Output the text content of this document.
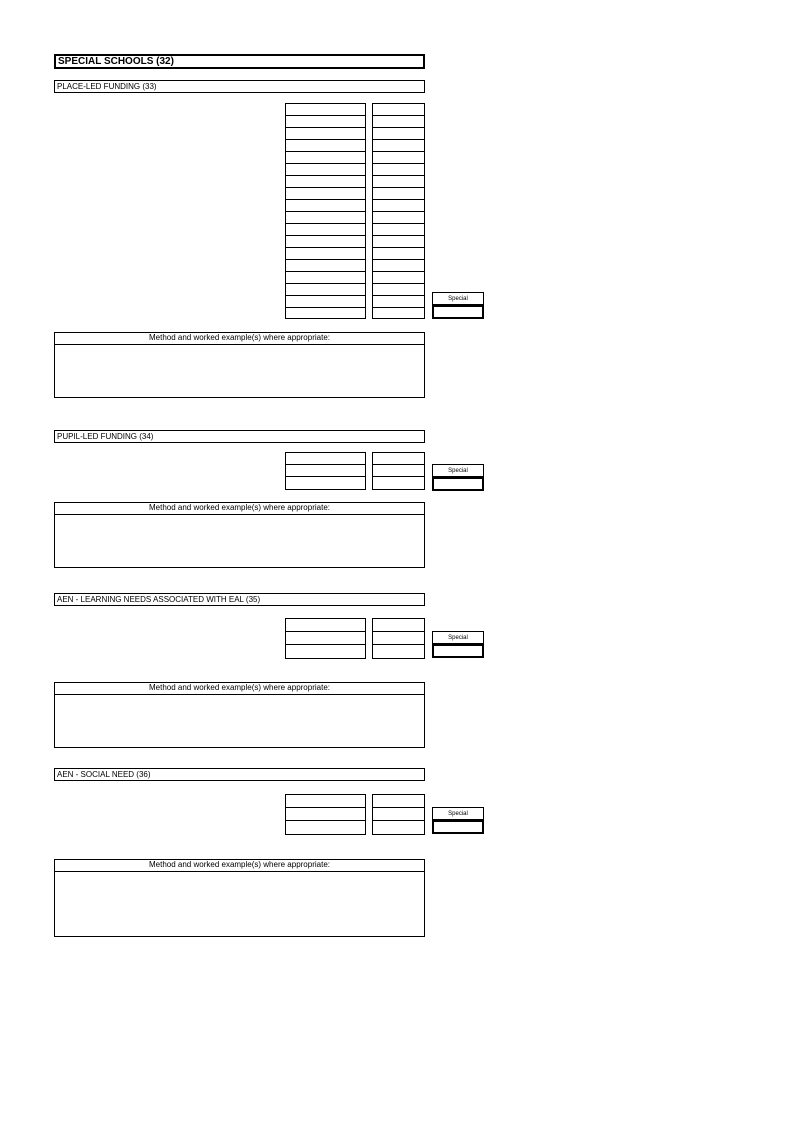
SPECIAL SCHOOLS (32)
PLACE-LED FUNDING (33)
Special
Method and worked example(s) where appropriate:
PUPIL-LED FUNDING (34)
Special
Method and worked example(s) where appropriate:
AEN - LEARNING NEEDS ASSOCIATED WITH EAL (35)
Special
Method and worked example(s) where appropriate:
AEN - SOCIAL NEED (36)
Special
Method and worked example(s) where appropriate:
